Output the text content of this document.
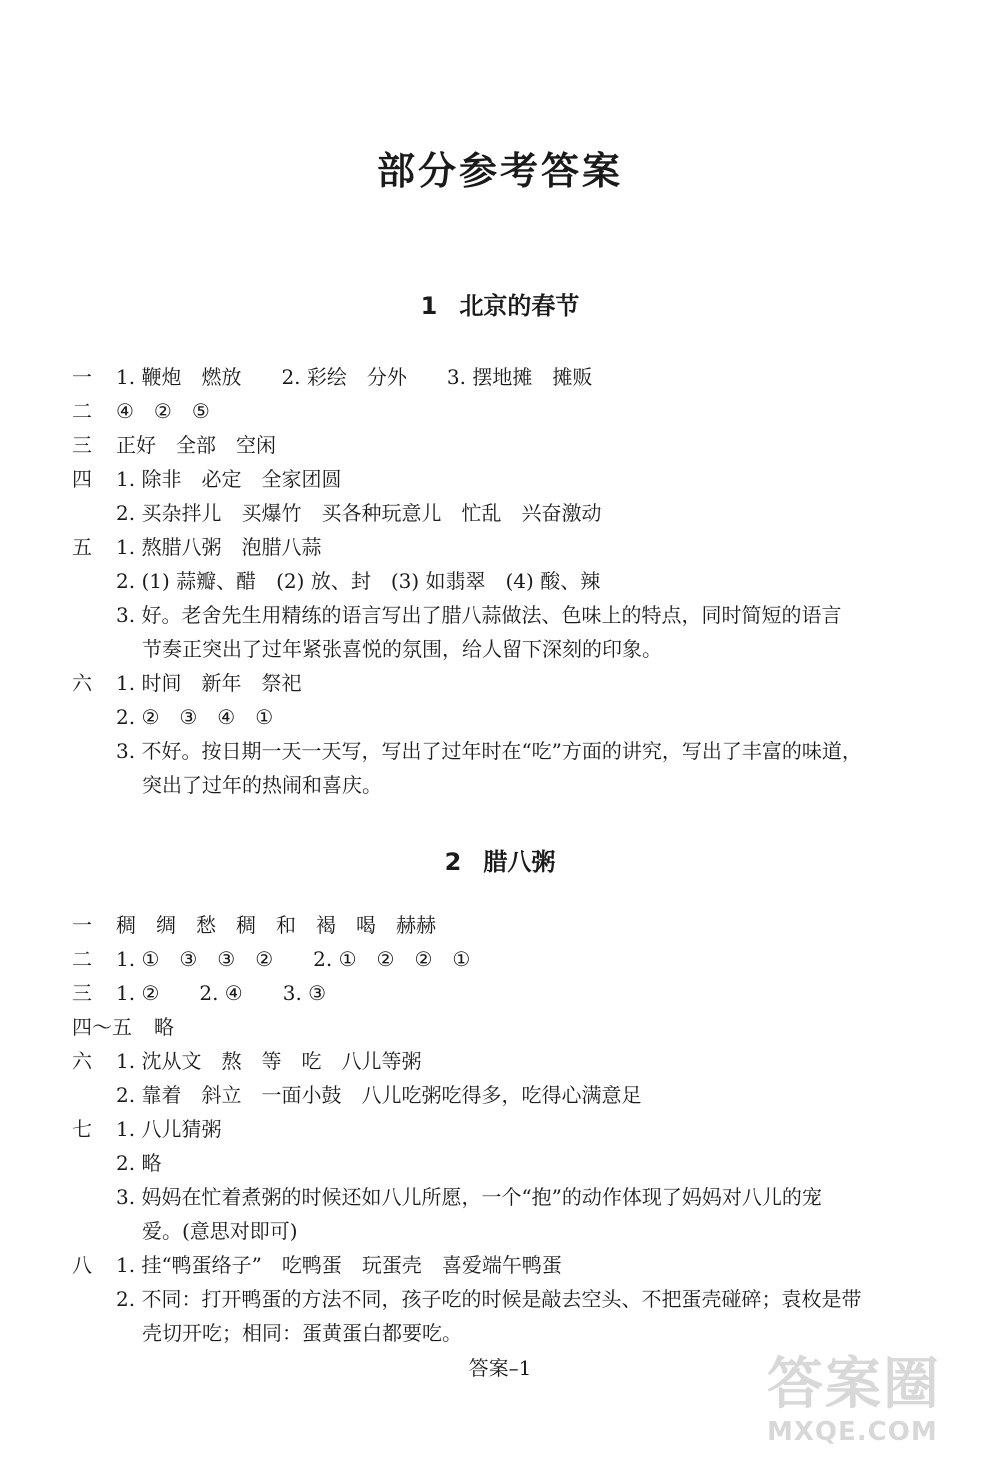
部分参考答案
1 北京的春节
一 1. 鞭炮　燃放　　2. 彩绘　分外　　3. 摆地摊　摊贩
二 ④　②　⑤
三 正好　全部　空闲
四 1. 除非　必定　全家团圆
2. 买杂拌儿　买爆竹　买各种玩意儿　忙乱　兴奋激动
五 1. 熬腊八粥　泡腊八蒜
2. (1) 蒜瓣、醋　(2) 放、封　(3) 如翡翠　(4) 酸、辣
3. 好。老舍先生用精练的语言写出了腊八蒜做法、色味上的特点，同时简短的语言
节奏正突出了过年紧张喜悦的氛围，给人留下深刻的印象。
六 1. 时间　新年　祭祀
2. ②　③　④　①
3. 不好。按日期一天一天写，写出了过年时在“吃”方面的讲究，写出了丰富的味道，
突出了过年的热闹和喜庆。
2 腊八粥
一 稠　绸　愁　稠　和　褐　喝　赫赫
二 1. ①　③　③　②　　2. ①　②　②　①
三 1. ②　　2. ④　　3. ③
四～五 略
六 1. 沈从文　熬　等　吃　八儿等粥
2. 靠着　斜立　一面小鼓　八儿吃粥吃得多，吃得心满意足
七 1. 八儿猜粥
2. 略
3. 妈妈在忙着煮粥的时候还如八儿所愿，一个“抱”的动作体现了妈妈对八儿的宠
爱。(意思对即可)
八 1. 挂“鸭蛋络子”　吃鸭蛋　玩蛋壳　喜爱端午鸭蛋
2. 不同：打开鸭蛋的方法不同，孩子吃的时候是敲去空头、不把蛋壳碰碎；袁枚是带
壳切开吃；相同：蛋黄蛋白都要吃。
答案–1	答案圈
MXQE.COM
